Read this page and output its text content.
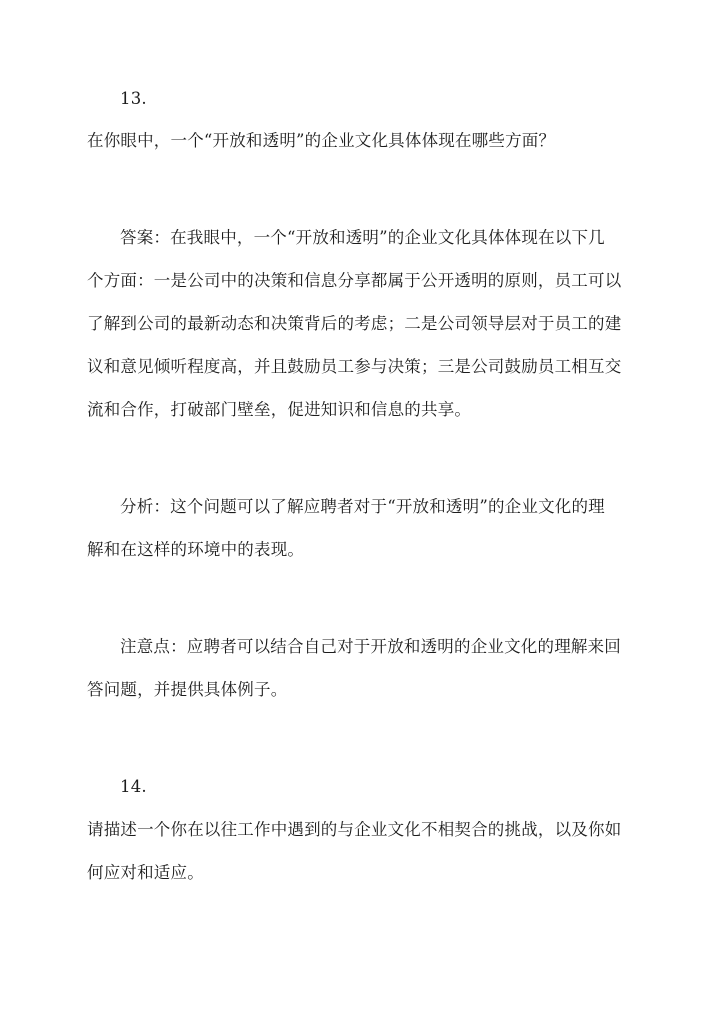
13.
在你眼中，一个“开放和透明”的企业文化具体体现在哪些方面？
答案：在我眼中，一个“开放和透明”的企业文化具体体现在以下几
个方面：一是公司中的决策和信息分享都属于公开透明的原则，员工可以
了解到公司的最新动态和决策背后的考虑；二是公司领导层对于员工的建
议和意见倾听程度高，并且鼓励员工参与决策；三是公司鼓励员工相互交
流和合作，打破部门壁垒，促进知识和信息的共享。
分析：这个问题可以了解应聘者对于“开放和透明”的企业文化的理
解和在这样的环境中的表现。
注意点：应聘者可以结合自己对于开放和透明的企业文化的理解来回
答问题，并提供具体例子。
14.
请描述一个你在以往工作中遇到的与企业文化不相契合的挑战，以及你如
何应对和适应。
